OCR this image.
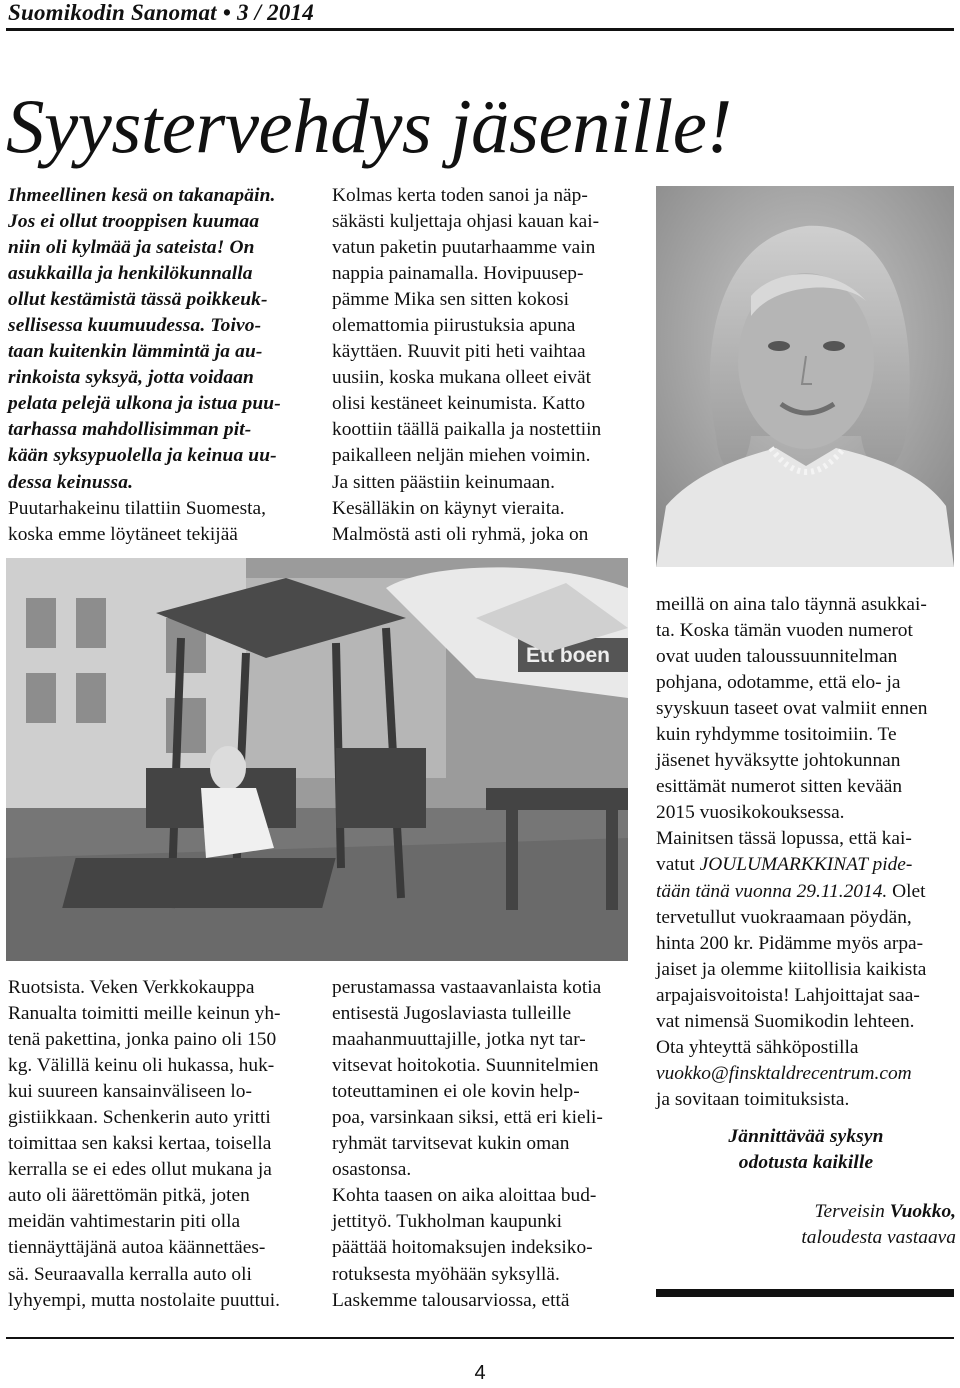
Suomikodin Sanomat • 3 / 2014
Syystervehdys jäsenille!

Ihmeellinen kesä on takanapäin.

Jos ei ollut trooppisen kuumaa

niin oli kylmää ja sateista! On

asukkailla ja henkilökunnalla

ollut kestämistä tässä poikkeuk-

sellisessa kuumuudessa. Toivo-

taan kuitenkin lämmintä ja au-

rinkoista syksyä, jotta voidaan

pelata pelejä ulkona ja istua puu-

tarhassa mahdollisimman pit-

kään syksypuolella ja keinua uu-

dessa keinussa.

Puutarhakeinu tilattiin Suomesta,

koska emme löytäneet tekijää

Kolmas kerta toden sanoi ja näp-

säkästi kuljettaja ohjasi kauan kai-

vatun paketin puutarhaamme vain

nappia painamalla. Hovipuusep-

pämme Mika sen sitten kokosi

olemattomia piirustuksia apuna

käyttäen. Ruuvit piti heti vaihtaa

uusiin, koska mukana olleet eivät

olisi kestäneet keinumista. Katto

koottiin täällä paikalla ja nostettiin

paikalleen neljän miehen voimin.

Ja sitten päästiin keinumaan.

Kesälläkin on käynyt vieraita.

Malmöstä asti oli ryhmä, joka on

Ett boen

Ruotsista. Veken Verkkokauppa

Ranualta toimitti meille keinun yh-

tenä pakettina, jonka paino oli 150

kg. Välillä keinu oli hukassa, huk-

kui suureen kansainväliseen lo-

gistiikkaan. Schenkerin auto yritti

toimittaa sen kaksi kertaa, toisella

kerralla se ei edes ollut mukana ja

auto oli äärettömän pitkä, joten

meidän vahtimestarin piti olla

tiennäyttäjänä autoa käännettäes-

sä. Seuraavalla kerralla auto oli

lyhyempi, mutta nostolaite puuttui.

perustamassa vastaavanlaista kotia

entisestä Jugoslaviasta tulleille

maahanmuuttajille, jotka nyt tar-

vitsevat hoitokotia. Suunnitelmien

toteuttaminen ei ole kovin help-

poa, varsinkaan siksi, että eri kieli-

ryhmät tarvitsevat kukin oman

osastonsa.

Kohta taasen on aika aloittaa bud-

jettityö. Tukholman kaupunki

päättää hoitomaksujen indeksiko-

rotuksesta myöhään syksyllä.

Laskemme talousarviossa, että

meillä on aina talo täynnä asukkai-

ta. Koska tämän vuoden numerot

ovat uuden taloussuunnitelman

pohjana, odotamme, että elo- ja

syyskuun taseet ovat valmiit ennen

kuin ryhdymme tositoimiin. Te

jäsenet hyväksytte johtokunnan

esittämät numerot sitten kevään

2015 vuosikokouksessa.

Mainitsen tässä lopussa, että kai-

vatut JOULUMARKKINAT pide-

tään tänä vuonna 29.11.2014. Olet

tervetullut vuokraamaan pöydän,

hinta 200 kr. Pidämme myös arpa-

jaiset ja olemme kiitollisia kaikista

arpajaisvoitoista! Lahjoittajat saa-

vat nimensä Suomikodin lehteen.

Ota yhteyttä sähköpostilla

vuokko@finsktaldrecentrum.com

ja sovitaan toimituksista.

Jännittävää syksyn
odotusta kaikille
Terveisin Vuokko,
taloudesta vastaava
4
